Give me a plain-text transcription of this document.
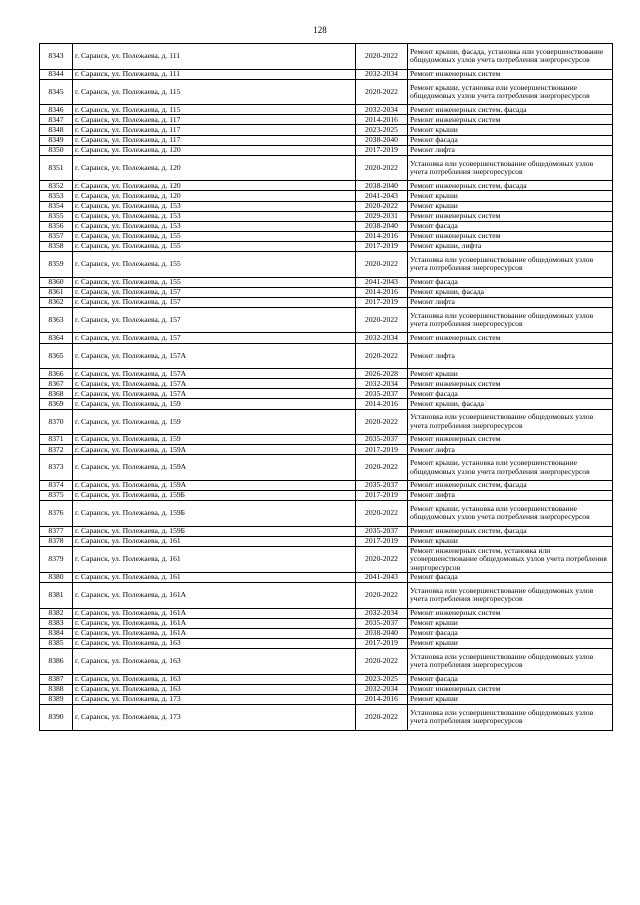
128
8343	г. Саранск, ул. Полежаева, д. 111	2020-2022	Ремонт крыши, фасада, установка или усовершенствование общедомовых узлов учета потребления энергоресурсов
8344	г. Саранск, ул. Полежаева, д. 111	2032-2034	Ремонт инженерных систем
8345	г. Саранск, ул. Полежаева, д. 115	2020-2022	Ремонт крыши, установка или усовершенствование общедомовых узлов учета потребления энергоресурсов
8346	г. Саранск, ул. Полежаева, д. 115	2032-2034	Ремонт инженерных систем, фасада
8347	г. Саранск, ул. Полежаева, д. 117	2014-2016	Ремонт инженерных систем
8348	г. Саранск, ул. Полежаева, д. 117	2023-2025	Ремонт крыши
8349	г. Саранск, ул. Полежаева, д. 117	2038-2040	Ремонт фасада
8350	г. Саранск, ул. Полежаева, д. 120	2017-2019	Ремонт лифта
8351	г. Саранск, ул. Полежаева, д. 120	2020-2022	Установка или усовершенствование общедомовых узлов учета потребления энергоресурсов
8352	г. Саранск, ул. Полежаева, д. 120	2038-2040	Ремонт инженерных систем, фасада
8353	г. Саранск, ул. Полежаева, д. 120	2041-2043	Ремонт крыши
8354	г. Саранск, ул. Полежаева, д. 153	2020-2022	Ремонт крыши
8355	г. Саранск, ул. Полежаева, д. 153	2029-2031	Ремонт инженерных систем
8356	г. Саранск, ул. Полежаева, д. 153	2038-2040	Ремонт фасада
8357	г. Саранск, ул. Полежаева, д. 155	2014-2016	Ремонт инженерных систем
8358	г. Саранск, ул. Полежаева, д. 155	2017-2019	Ремонт крыши, лифта
8359	г. Саранск, ул. Полежаева, д. 155	2020-2022	Установка или усовершенствование общедомовых узлов учета потребления энергоресурсов
8360	г. Саранск, ул. Полежаева, д. 155	2041-2043	Ремонт фасада
8361	г. Саранск, ул. Полежаева, д. 157	2014-2016	Ремонт крыши, фасада
8362	г. Саранск, ул. Полежаева, д. 157	2017-2019	Ремонт лифта
8363	г. Саранск, ул. Полежаева, д. 157	2020-2022	Установка или усовершенствование общедомовых узлов учета потребления энергоресурсов
8364	г. Саранск, ул. Полежаева, д. 157	2032-2034	Ремонт инженерных систем
8365	г. Саранск, ул. Полежаева, д. 157А	2020-2022	Ремонт лифта
8366	г. Саранск, ул. Полежаева, д. 157А	2026-2028	Ремонт крыши
8367	г. Саранск, ул. Полежаева, д. 157А	2032-2034	Ремонт инженерных систем
8368	г. Саранск, ул. Полежаева, д. 157А	2035-2037	Ремонт фасада
8369	г. Саранск, ул. Полежаева, д. 159	2014-2016	Ремонт крыши, фасада
8370	г. Саранск, ул. Полежаева, д. 159	2020-2022	Установка или усовершенствование общедомовых узлов учета потребления энергоресурсов
8371	г. Саранск, ул. Полежаева, д. 159	2035-2037	Ремонт инженерных систем
8372	г. Саранск, ул. Полежаева, д. 159А	2017-2019	Ремонт лифта
8373	г. Саранск, ул. Полежаева, д. 159А	2020-2022	Ремонт крыши, установка или усовершенствование общедомовых узлов учета потребления энергоресурсов
8374	г. Саранск, ул. Полежаева, д. 159А	2035-2037	Ремонт инженерных систем, фасада
8375	г. Саранск, ул. Полежаева, д. 159Б	2017-2019	Ремонт лифта
8376	г. Саранск, ул. Полежаева, д. 159Б	2020-2022	Ремонт крыши, установка или усовершенствование общедомовых узлов учета потребления энергоресурсов
8377	г. Саранск, ул. Полежаева, д. 159Б	2035-2037	Ремонт инженерных систем, фасада
8378	г. Саранск, ул. Полежаева, д. 161	2017-2019	Ремонт крыши
8379	г. Саранск, ул. Полежаева, д. 161	2020-2022	Ремонт инженерных систем, установка или усовершенствование общедомовых узлов учета потребления энергоресурсов
8380	г. Саранск, ул. Полежаева, д. 161	2041-2043	Ремонт фасада
8381	г. Саранск, ул. Полежаева, д. 161А	2020-2022	Установка или усовершенствование общедомовых узлов учета потребления энергоресурсов
8382	г. Саранск, ул. Полежаева, д. 161А	2032-2034	Ремонт инженерных систем
8383	г. Саранск, ул. Полежаева, д. 161А	2035-2037	Ремонт крыши
8384	г. Саранск, ул. Полежаева, д. 161А	2038-2040	Ремонт фасада
8385	г. Саранск, ул. Полежаева, д. 163	2017-2019	Ремонт крыши
8386	г. Саранск, ул. Полежаева, д. 163	2020-2022	Установка или усовершенствование общедомовых узлов учета потребления энергоресурсов
8387	г. Саранск, ул. Полежаева, д. 163	2023-2025	Ремонт фасада
8388	г. Саранск, ул. Полежаева, д. 163	2032-2034	Ремонт инженерных систем
8389	г. Саранск, ул. Полежаева, д. 173	2014-2016	Ремонт крыши
8390	г. Саранск, ул. Полежаева, д. 173	2020-2022	Установка или усовершенствование общедомовых узлов учета потребления энергоресурсов
